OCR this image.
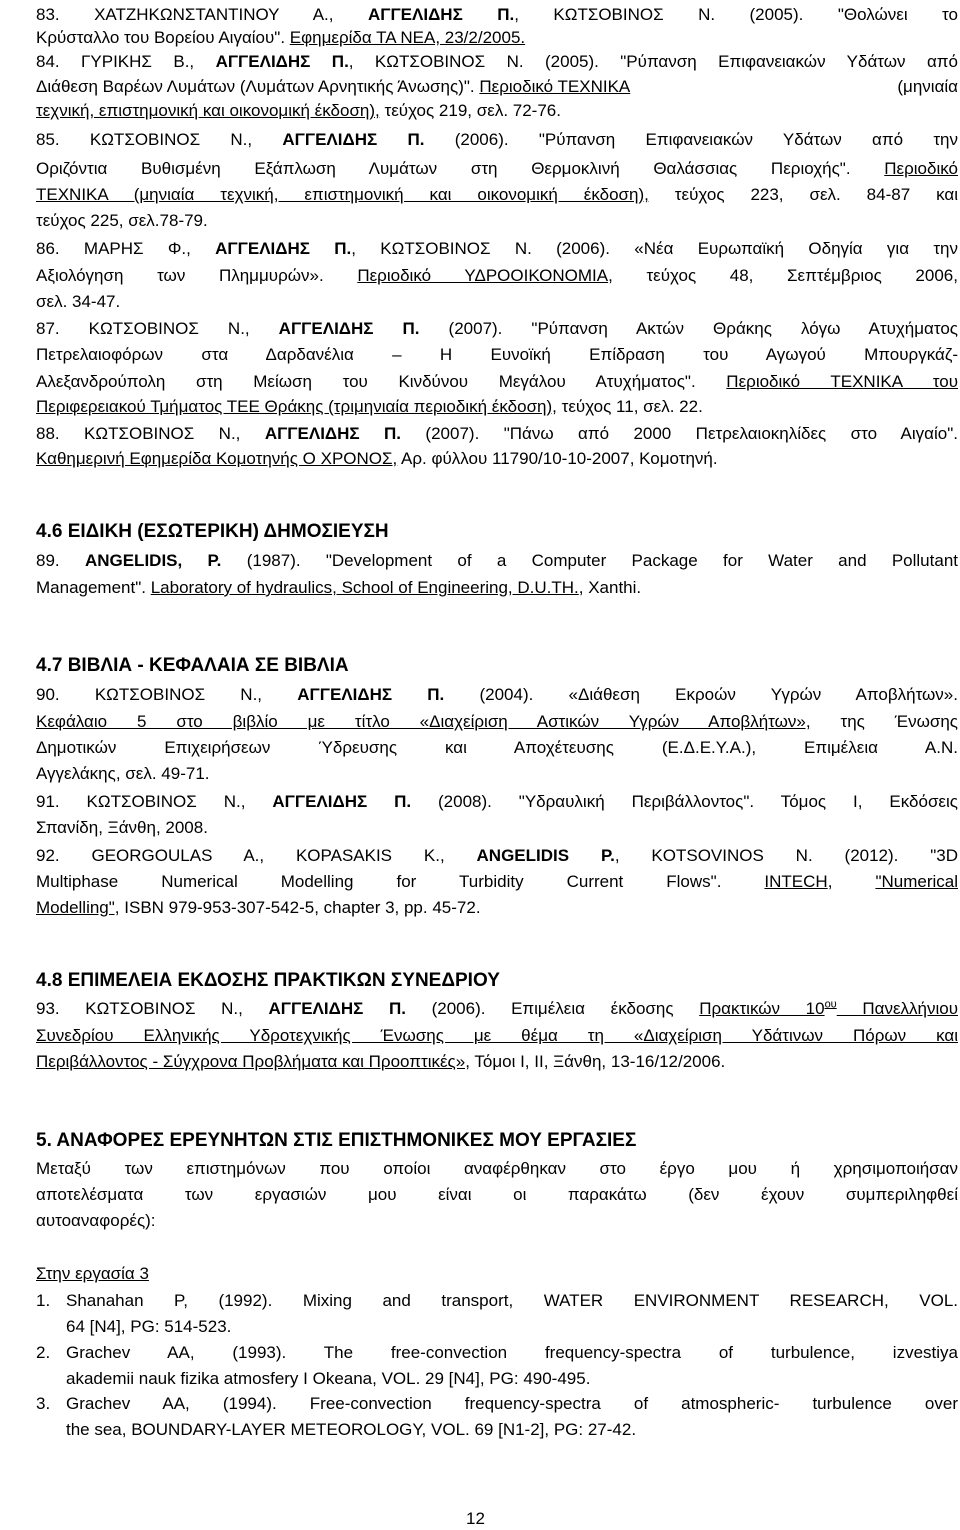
83. ΧΑΤΖΗΚΩΝΣΤΑΝΤΙΝΟΥ Α., ΑΓΓΕΛΙΔΗΣ Π., ΚΩΤΣΟΒΙΝΟΣ Ν. (2005). "Θολώνει το
Κρύσταλλο του Βορείου Αιγαίου". Εφημερίδα ΤΑ ΝΕΑ, 23/2/2005.
84. ΓΥΡΙΚΗΣ Β., ΑΓΓΕΛΙΔΗΣ Π., ΚΩΤΣΟΒΙΝΟΣ Ν. (2005). "Ρύπανση Επιφανειακών Υδάτων από
Διάθεση Βαρέων Λυμάτων (Λυμάτων Αρνητικής Άνωσης)". Περιοδικό ΤΕΧΝΙΚΑ	(μηνιαία
τεχνική, επιστημονική και οικονομική έκδοση), τεύχος 219, σελ. 72-76.
85. ΚΩΤΣΟΒΙΝΟΣ Ν., ΑΓΓΕΛΙΔΗΣ Π. (2006). "Ρύπανση Επιφανειακών Υδάτων από την
Οριζόντια Βυθισμένη Εξάπλωση Λυμάτων στη Θερμοκλινή Θαλάσσιας Περιοχής". Περιοδικό
ΤΕΧΝΙΚΑ (μηνιαία τεχνική, επιστημονική και οικονομική έκδοση), τεύχος 223, σελ. 84-87 και
τεύχος 225, σελ.78-79.
86. ΜΑΡΗΣ Φ., ΑΓΓΕΛΙΔΗΣ Π., ΚΩΤΣΟΒΙΝΟΣ Ν. (2006). «Νέα Ευρωπαϊκή Οδηγία για την
Αξιολόγηση των Πλημμυρών». Περιοδικό ΥΔΡΟΟΙΚΟΝΟΜΙΑ, τεύχος 48, Σεπτέμβριος 2006,
σελ. 34-47.
87. ΚΩΤΣΟΒΙΝΟΣ Ν., ΑΓΓΕΛΙΔΗΣ Π. (2007). "Ρύπανση Ακτών Θράκης λόγω Ατυχήματος
Πετρελαιοφόρων στα Δαρδανέλια – Η Ευνοϊκή Επίδραση του Αγωγού Μπουργκάζ-
Αλεξανδρούπολη στη Μείωση του Κινδύνου Μεγάλου Ατυχήματος". Περιοδικό ΤΕΧΝΙΚΑ του
Περιφερειακού Τμήματος ΤΕΕ Θράκης (τριμηνιαία περιοδική έκδοση), τεύχος 11, σελ. 22.
88. ΚΩΤΣΟΒΙΝΟΣ Ν., ΑΓΓΕΛΙΔΗΣ Π. (2007). "Πάνω από 2000 Πετρελαιοκηλίδες στο Αιγαίο".
Καθημερινή Εφημερίδα Κομοτηνής Ο ΧΡΟΝΟΣ, Αρ. φύλλου 11790/10-10-2007, Κομοτηνή.
4.6 ΕΙΔΙΚΗ (ΕΣΩΤΕΡΙΚΗ) ΔΗΜΟΣΙΕΥΣΗ
89. ANGELIDIS, P. (1987). "Development of a Computer Package for Water and Pollutant
Management". Laboratory of hydraulics, School of Engineering, D.U.TH., Xanthi.
4.7 ΒΙΒΛΙΑ - ΚΕΦΑΛΑΙΑ ΣΕ ΒΙΒΛΙΑ
90. ΚΩΤΣΟΒΙΝΟΣ Ν., ΑΓΓΕΛΙΔΗΣ Π. (2004). «Διάθεση Εκροών Υγρών Αποβλήτων».
Κεφάλαιο 5 στο βιβλίο με τίτλο «Διαχείριση Αστικών Υγρών Αποβλήτων», της Ένωσης
Δημοτικών Επιχειρήσεων Ύδρευσης και Αποχέτευσης (Ε.Δ.Ε.Υ.Α.), Επιμέλεια Α.Ν.
Αγγελάκης, σελ. 49-71.
91. ΚΩΤΣΟΒΙΝΟΣ Ν., ΑΓΓΕΛΙΔΗΣ Π. (2008). "Υδραυλική Περιβάλλοντος". Τόμος Ι, Εκδόσεις
Σπανίδη, Ξάνθη, 2008.
92. GEORGOULAS A., KOPASAKIS K., ANGELIDIS P., KOTSOVINOS N. (2012). "3D
Multiphase Numerical Modelling for Turbidity Current Flows". INTECH, "Numerical
Modelling", ISBN 979-953-307-542-5, chapter 3, pp. 45-72.
4.8 ΕΠΙΜΕΛΕΙΑ ΕΚΔΟΣΗΣ ΠΡΑΚΤΙΚΩΝ ΣΥΝΕΔΡΙΟΥ
93. ΚΩΤΣΟΒΙΝΟΣ Ν., ΑΓΓΕΛΙΔΗΣ Π. (2006). Επιμέλεια έκδοσης Πρακτικών $10^{o\upsilon}$ Πανελλήνιου
Συνεδρίου Ελληνικής Υδροτεχνικής Ένωσης με θέμα τη «Διαχείριση Υδάτινων Πόρων και
Περιβάλλοντος - Σύγχρονα Προβλήματα και Προοπτικές», Τόμοι Ι, ΙΙ, Ξάνθη, 13-16/12/2006.
5. ΑΝΑΦΟΡΕΣ ΕΡΕΥΝΗΤΩΝ ΣΤΙΣ ΕΠΙΣΤΗΜΟΝΙΚΕΣ ΜΟΥ ΕΡΓΑΣΙΕΣ
Μεταξύ των επιστημόνων που οποίοι αναφέρθηκαν στο έργο μου ή χρησιμοποιήσαν
αποτελέσματα των εργασιών μου είναι οι παρακάτω (δεν έχουν συμπεριληφθεί
αυτοαναφορές):
Στην εργασία 3
1. Shanahan P, (1992). Mixing and transport, WATER ENVIRONMENT RESEARCH, VOL.
64 [N4], PG: 514-523.
2. Grachev AA, (1993). The free-convection frequency-spectra of turbulence, izvestiya
akademii nauk fizika atmosfery I Okeana, VOL. 29 [N4], PG: 490-495.
3. Grachev AA, (1994). Free-convection frequency-spectra of atmospheric- turbulence over
the sea, BOUNDARY-LAYER METEOROLOGY, VOL. 69 [N1-2], PG: 27-42.
12
